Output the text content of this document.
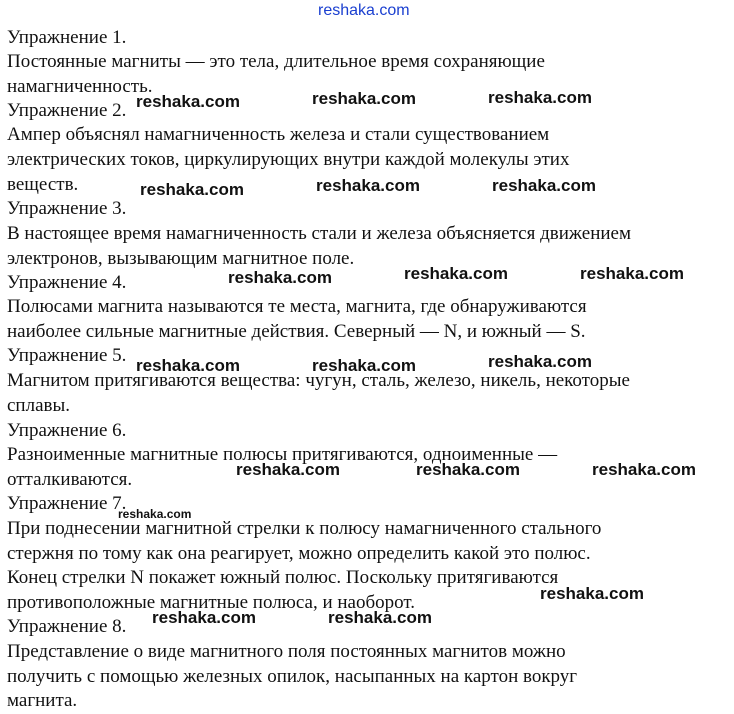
reshaka.com
Упражнение 1.
Постоянные магниты — это тела, длительное время сохраняющие
намагниченность.
Упражнение 2.
Ампер объяснял намагниченность железа и стали существованием
электрических токов, циркулирующих внутри каждой молекулы этих
веществ.
Упражнение 3.
В настоящее время намагниченность стали и железа объясняется движением
электронов, вызывающим магнитное поле.
Упражнение 4.
Полюсами магнита называются те места, магнита, где обнаруживаются
наиболее сильные магнитные действия. Северный — N, и южный — S.
Упражнение 5.
Магнитом притягиваются вещества: чугун, сталь, железо, никель, некоторые
сплавы.
Упражнение 6.
Разноименные магнитные полюсы притягиваются, одноименные —
отталкиваются.
Упражнение 7.
При поднесении магнитной стрелки к полюсу намагниченного стального
стержня по тому как она реагирует, можно определить какой это полюс.
Конец стрелки N покажет южный полюс. Поскольку притягиваются
противоположные магнитные полюса, и наоборот.
Упражнение 8.
Представление о виде магнитного поля постоянных магнитов можно
получить с помощью железных опилок, насыпанных на картон вокруг
магнита.
reshaka.com	reshaka.com	reshaka.com
reshaka.com	reshaka.com	reshaka.com
reshaka.com	reshaka.com	reshaka.com
reshaka.com	reshaka.com	reshaka.com
reshaka.com	reshaka.com	reshaka.com
reshaka.com
reshaka.com
reshaka.com	reshaka.com
